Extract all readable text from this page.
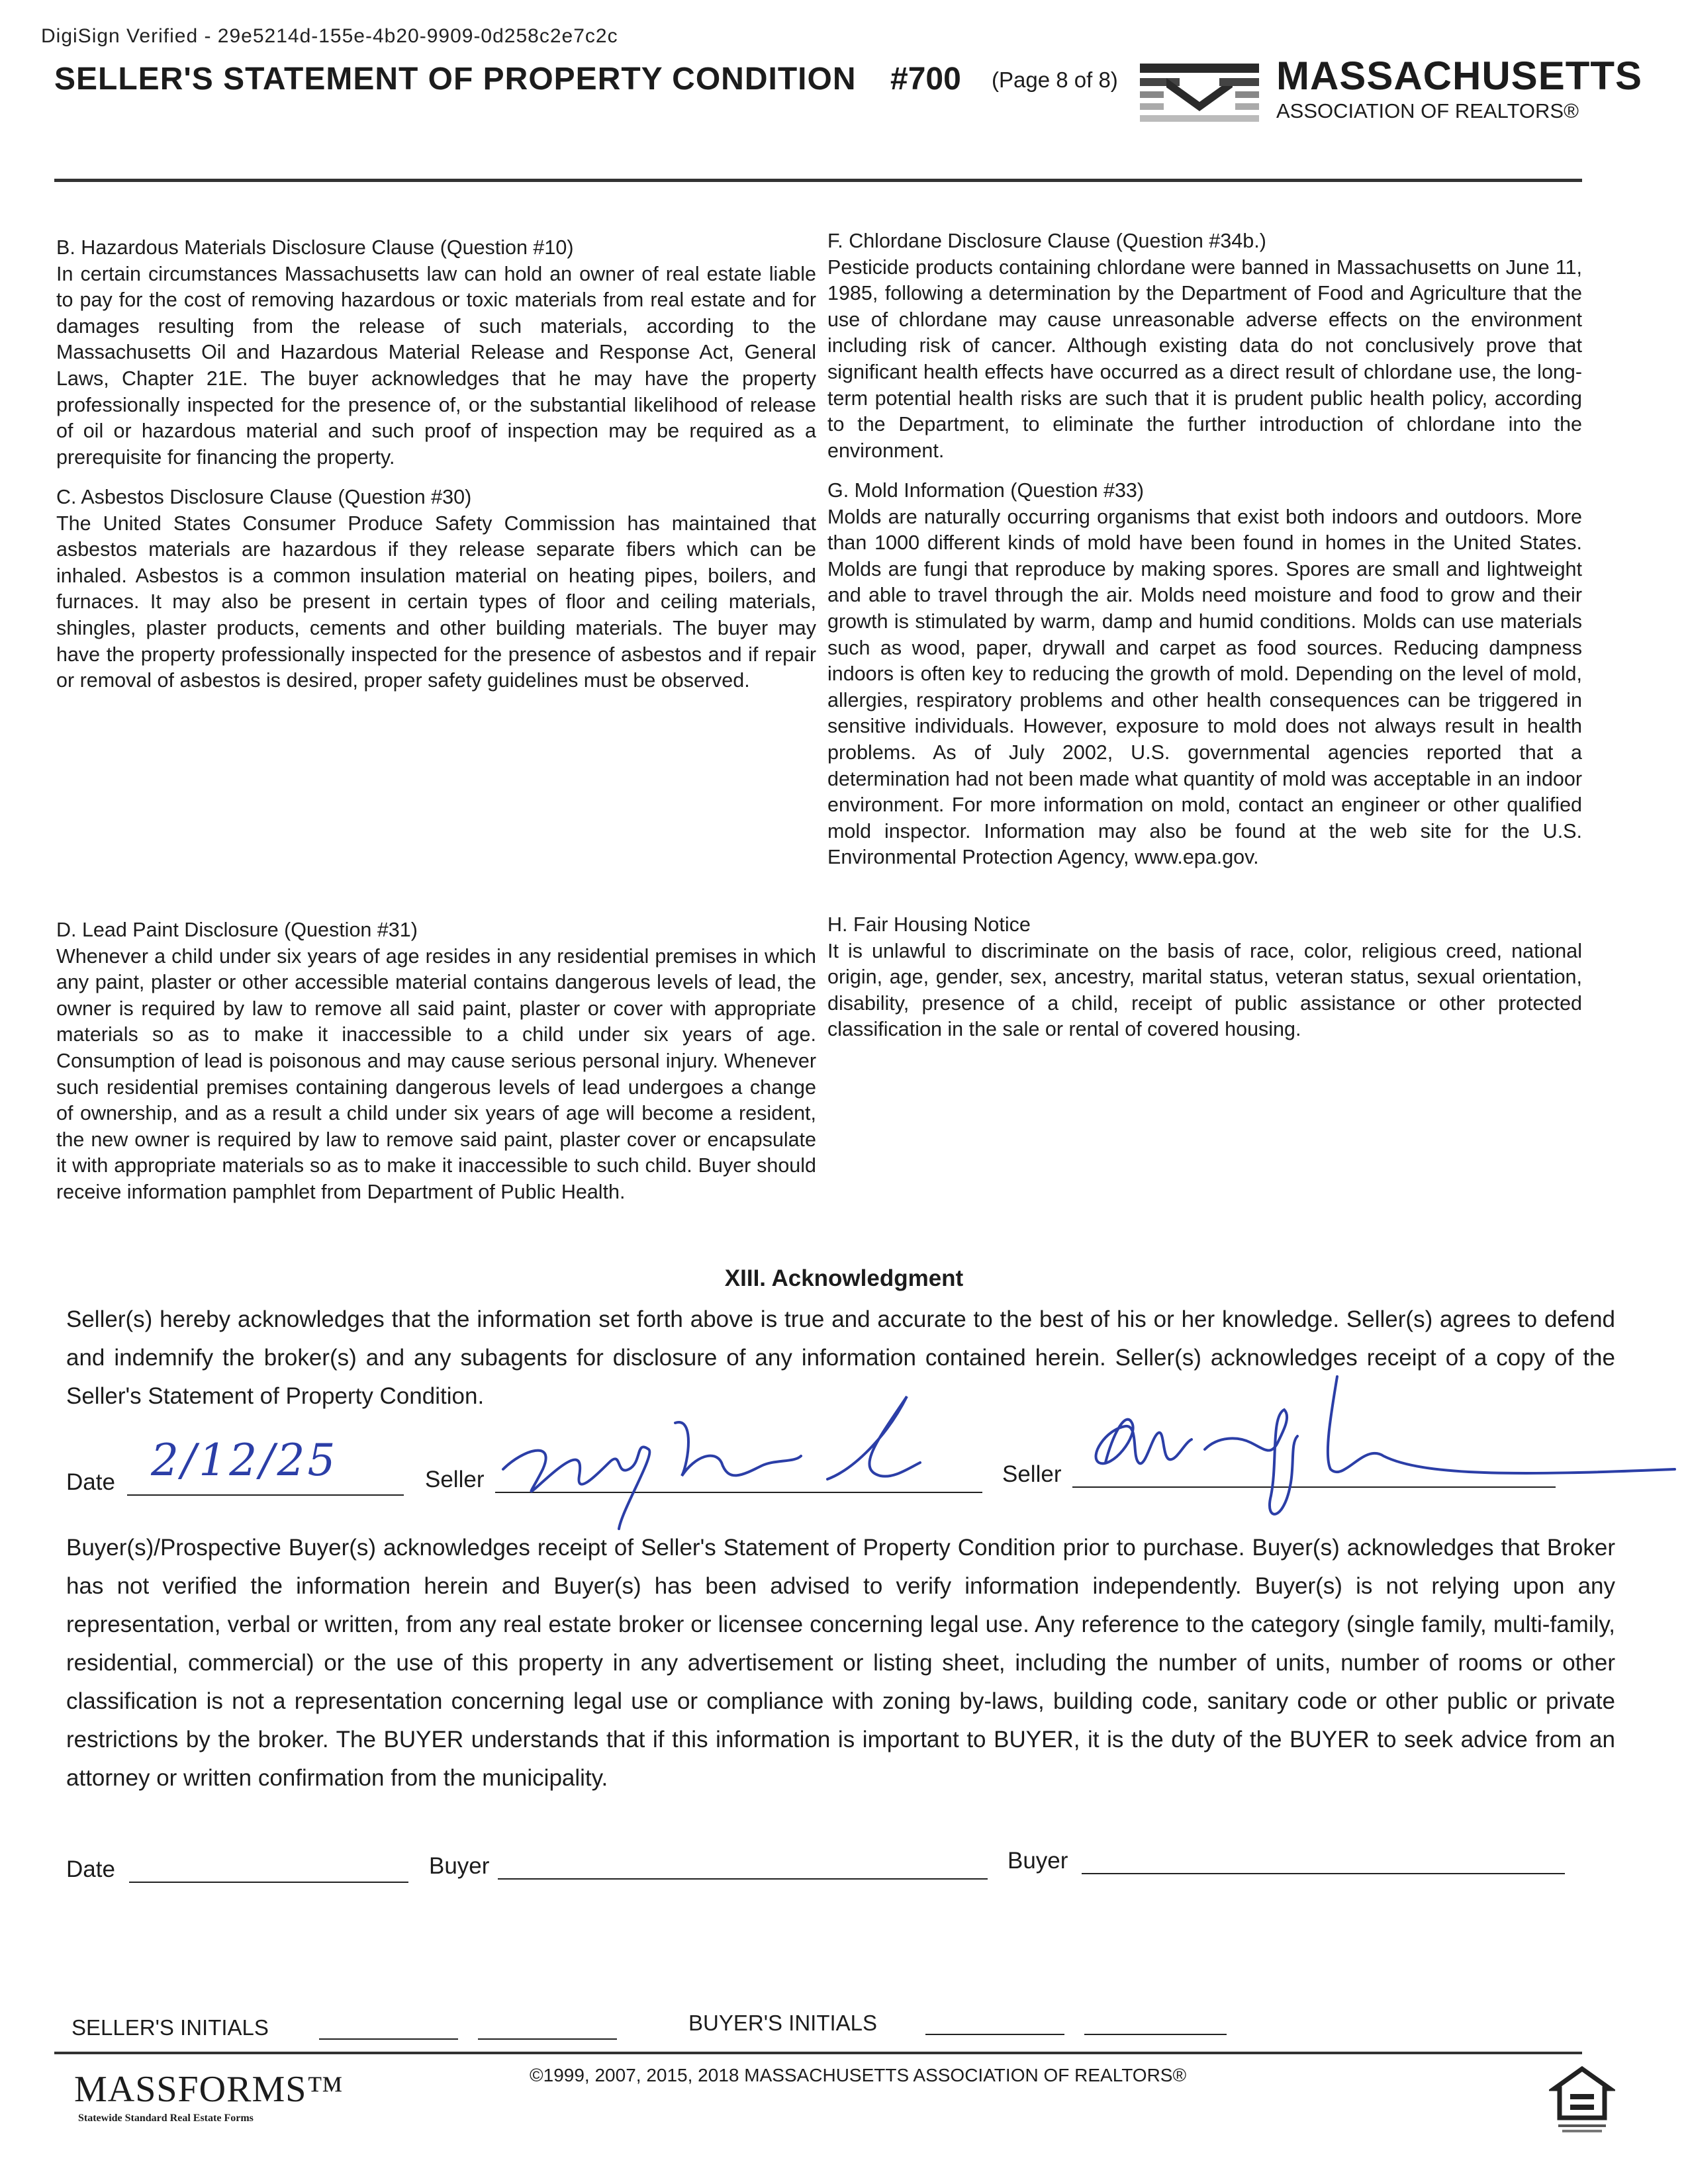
DigiSign Verified - 29e5214d-155e-4b20-9909-0d258c2e7c2c
SELLER'S STATEMENT OF PROPERTY CONDITION #700 (Page 8 of 8)	MASSACHUSETTS
ASSOCIATION OF REALTORS®
B. Hazardous Materials Disclosure Clause (Question #10)

In certain circumstances Massachusetts law can hold an owner of real estate liable to pay for the cost of removing hazardous or toxic materials from real estate and for damages resulting from the release of such materials, according to the Massachusetts Oil and Hazardous Material Release and Response Act, General Laws, Chapter 21E. The buyer acknowledges that he may have the property professionally inspected for the presence of, or the substantial likelihood of release of oil or hazardous material and such proof of inspection may be required as a prerequisite for financing the property.

C. Asbestos Disclosure Clause (Question #30)

The United States Consumer Produce Safety Commission has maintained that asbestos materials are hazardous if they release separate fibers which can be inhaled. Asbestos is a common insulation material on heating pipes, boilers, and furnaces. It may also be present in certain types of floor and ceiling materials, shingles, plaster products, cements and other building materials. The buyer may have the property professionally inspected for the presence of asbestos and if repair or removal of asbestos is desired, proper safety guidelines must be observed.

D. Lead Paint Disclosure (Question #31)

Whenever a child under six years of age resides in any residential premises in which any paint, plaster or other accessible material contains dangerous levels of lead, the owner is required by law to remove all said paint, plaster or cover with appropriate materials so as to make it inaccessible to a child under six years of age. Consumption of lead is poisonous and may cause serious personal injury. Whenever such residential premises containing dangerous levels of lead undergoes a change of ownership, and as a result a child under six years of age will become a resident, the new owner is required by law to remove said paint, plaster cover or encapsulate it with appropriate materials so as to make it inaccessible to such child. Buyer should receive information pamphlet from Department of Public Health.

F. Chlordane Disclosure Clause (Question #34b.)

Pesticide products containing chlordane were banned in Massachusetts on June 11, 1985, following a determination by the Department of Food and Agriculture that the use of chlordane may cause unreasonable adverse effects on the environment including risk of cancer. Although existing data do not conclusively prove that significant health effects have occurred as a direct result of chlordane use, the long-term potential health risks are such that it is prudent public health policy, according to the Department, to eliminate the further introduction of chlordane into the environment.

G. Mold Information (Question #33)

Molds are naturally occurring organisms that exist both indoors and outdoors. More than 1000 different kinds of mold have been found in homes in the United States. Molds are fungi that reproduce by making spores. Spores are small and lightweight and able to travel through the air. Molds need moisture and food to grow and their growth is stimulated by warm, damp and humid conditions. Molds can use materials such as wood, paper, drywall and carpet as food sources. Reducing dampness indoors is often key to reducing the growth of mold. Depending on the level of mold, allergies, respiratory problems and other health consequences can be triggered in sensitive individuals. However, exposure to mold does not always result in health problems. As of July 2002, U.S. governmental agencies reported that a determination had not been made what quantity of mold was acceptable in an indoor environment. For more information on mold, contact an engineer or other qualified mold inspector. Information may also be found at the web site for the U.S. Environmental Protection Agency, www.epa.gov.

H. Fair Housing Notice

It is unlawful to discriminate on the basis of race, color, religious creed, national origin, age, gender, sex, ancestry, marital status, veteran status, sexual orientation, disability, presence of a child, receipt of public assistance or other protected classification in the sale or rental of covered housing.

XIII. Acknowledgment
Seller(s) hereby acknowledges that the information set forth above is true and accurate to the best of his or her knowledge. Seller(s) agrees to defend and indemnify the broker(s) and any subagents for disclosure of any information contained herein. Seller(s) acknowledges receipt of a copy of the Seller's Statement of Property Condition.
Date 2/12/25	Seller	Seller
Buyer(s)/Prospective Buyer(s) acknowledges receipt of Seller's Statement of Property Condition prior to purchase. Buyer(s) acknowledges that Broker has not verified the information herein and Buyer(s) has been advised to verify information independently. Buyer(s) is not relying upon any representation, verbal or written, from any real estate broker or licensee concerning legal use. Any reference to the category (single family, multi-family, residential, commercial) or the use of this property in any advertisement or listing sheet, including the number of units, number of rooms or other classification is not a representation concerning legal use or compliance with zoning by-laws, building code, sanitary code or other public or private restrictions by the broker. The BUYER understands that if this information is important to BUYER, it is the duty of the BUYER to seek advice from an attorney or written confirmation from the municipality.
Date	Buyer	Buyer
SELLER'S INITIALS	BUYER'S INITIALS
MASSFORMS™
Statewide Standard Real Estate Forms
©1999, 2007, 2015, 2018 MASSACHUSETTS ASSOCIATION OF REALTORS®
